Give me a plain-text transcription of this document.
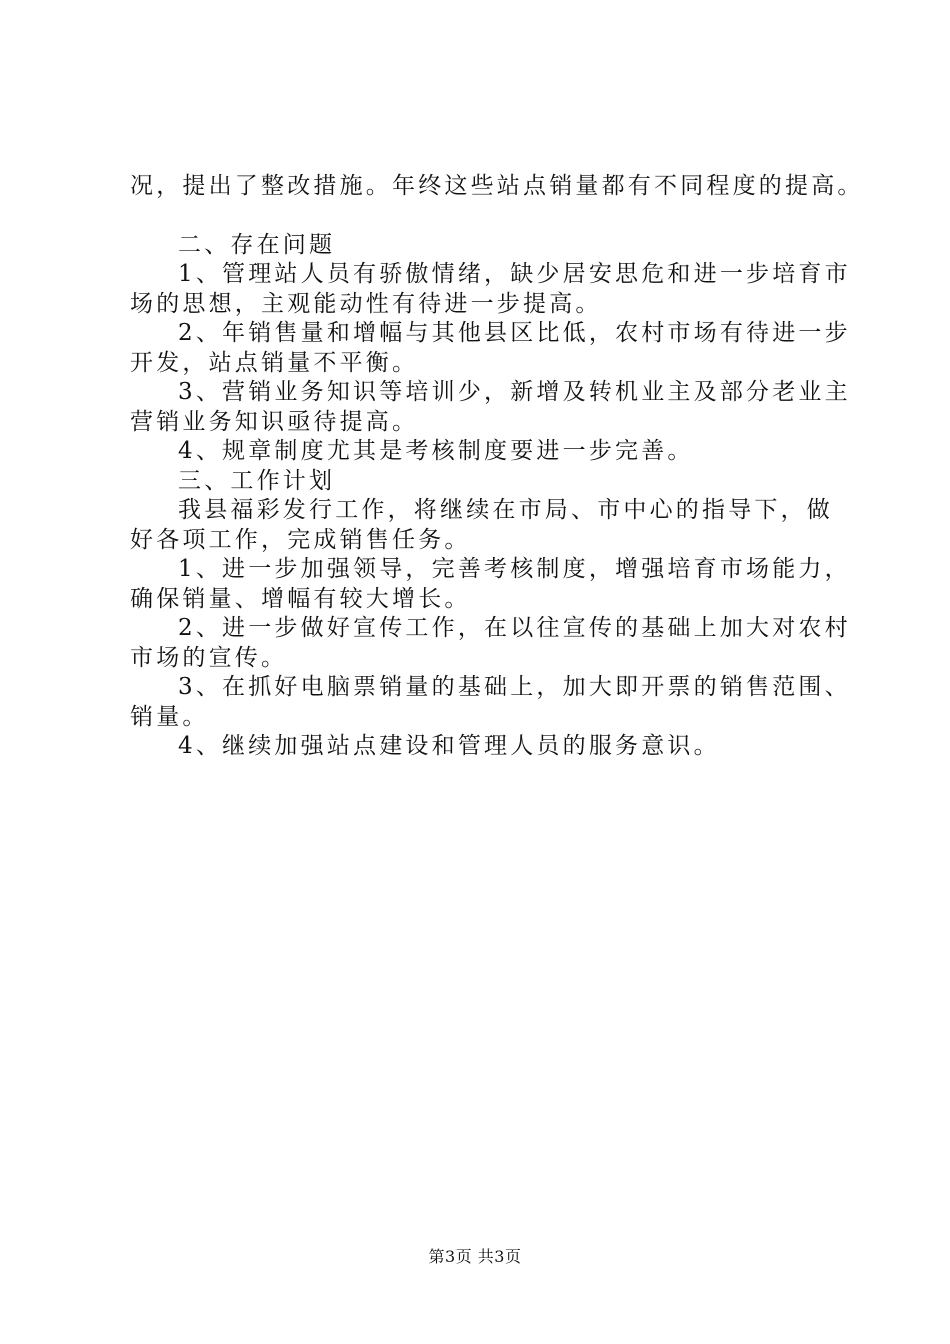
况，提出了整改措施。年终这些站点销量都有不同程度的提高。

二、存在问题

1、管理站人员有骄傲情绪，缺少居安思危和进一步培育市

场的思想，主观能动性有待进一步提高。

2、年销售量和增幅与其他县区比低，农村市场有待进一步

开发，站点销量不平衡。

3、营销业务知识等培训少，新增及转机业主及部分老业主

营销业务知识亟待提高。

4、规章制度尤其是考核制度要进一步完善。

三、工作计划

我县福彩发行工作，将继续在市局、市中心的指导下，做

好各项工作，完成销售任务。

1、进一步加强领导，完善考核制度，增强培育市场能力，

确保销量、增幅有较大增长。

2、进一步做好宣传工作，在以往宣传的基础上加大对农村

市场的宣传。

3、在抓好电脑票销量的基础上，加大即开票的销售范围、

销量。

4、继续加强站点建设和管理人员的服务意识。

第3页 共3页
